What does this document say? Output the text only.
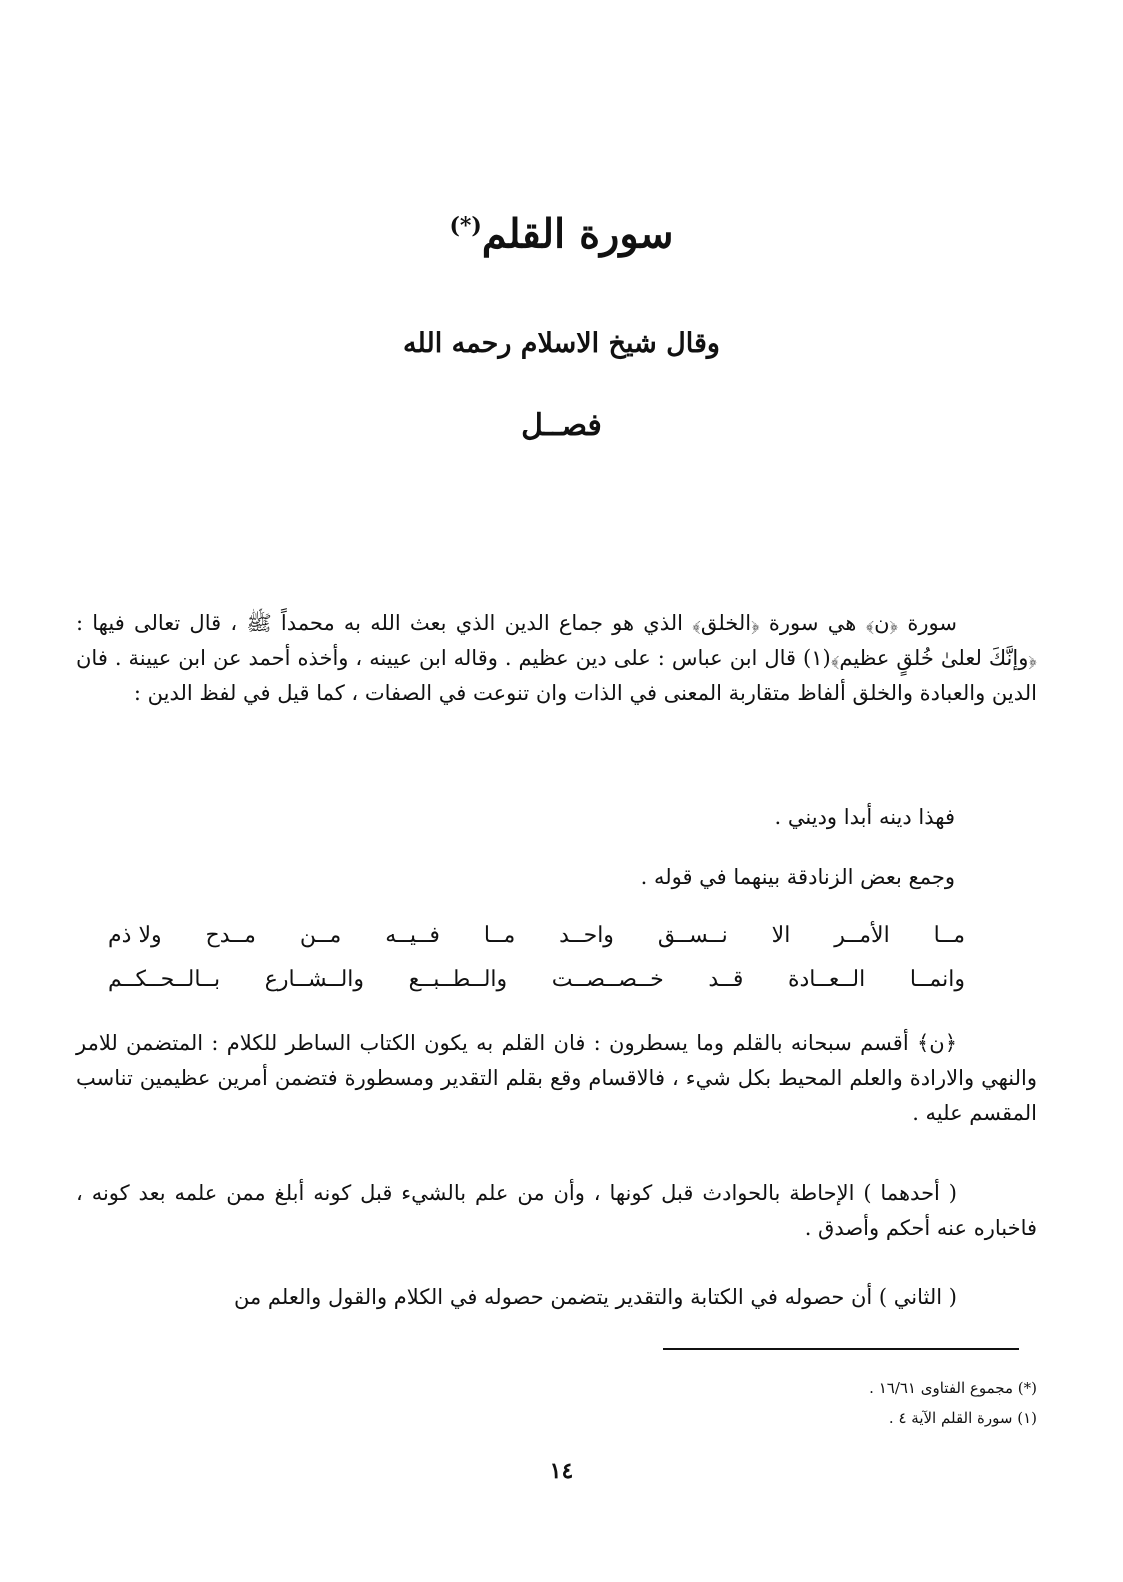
سورة القلم(*)
وقال شيخ الاسلام رحمه الله
فصــل
سورة ﴿ن﴾ هي سورة ﴿الخلق﴾ الذي هو جماع الدين الذي بعث الله به محمداً ﷺ ، قال تعالى فيها : ﴿وإنَّكَ لعلىٰ خُلقٍ عظيم﴾(١) قال ابن عباس : على دين عظيم . وقاله ابن عيينه ، وأخذه أحمد عن ابن عيينة . فان الدين والعبادة والخلق ألفاظ متقاربة المعنى في الذات وان تنوعت في الصفات ، كما قيل في لفظ الدين :
فهذا دينه أبدا وديني .
وجمع بعض الزنادقة بينهما في قوله .
مــا
الأمــر
الا
نــســق
واحــد
مــا
فــيــه
مــن
مــدح
ولا ذم
وانمــا
الــعــادة
قــد
خــصــصــت
والــطــبــع
والــشــارع
بــالــحــكــم
﴿ن﴾ أقسم سبحانه بالقلم وما يسطرون : فان القلم به يكون الكتاب الساطر للكلام : المتضمن للامر والنهي والارادة والعلم المحيط بكل شيء ، فالاقسام وقع بقلم التقدير ومسطورة فتضمن أمرين عظيمين تناسب المقسم عليه .
( أحدهما ) الإحاطة بالحوادث قبل كونها ، وأن من علم بالشيء قبل كونه أبلغ ممن علمه بعد كونه ، فاخباره عنه أحكم وأصدق .
( الثاني ) أن حصوله في الكتابة والتقدير يتضمن حصوله في الكلام والقول والعلم من
(*) مجموع الفتاوى ١٦/٦١ .
(١) سورة القلم الآية ٤ .
١٤
